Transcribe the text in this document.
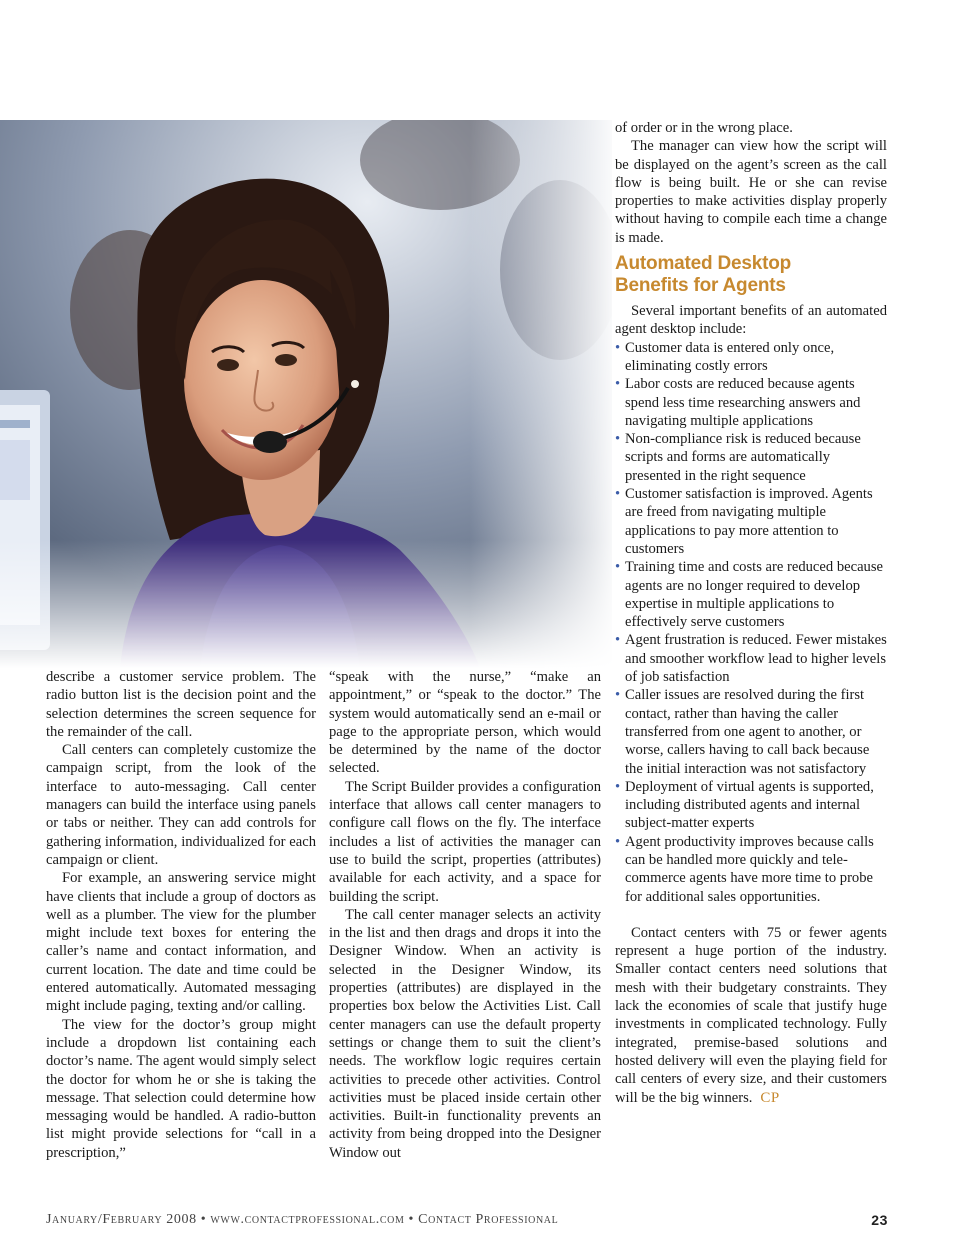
describe a customer service problem. The radio button list is the decision point and the selection determines the screen sequence for the remainder of the call.

Call centers can completely customize the campaign script, from the look of the interface to auto-messaging. Call center managers can build the interface using panels or tabs or neither. They can add controls for gathering information, individualized for each campaign or client.

For example, an answering service might have clients that include a group of doctors as well as a plumber. The view for the plumber might include text boxes for entering the caller’s name and contact information, and current location. The date and time could be entered automatically. Automated messaging might include paging, texting and/or calling.

The view for the doctor’s group might include a dropdown list containing each doctor’s name. The agent would simply select the doctor for whom he or she is taking the message. That selection could determine how messaging would be handled. A radio-button list might provide selections for “call in a prescription,”

“speak with the nurse,” “make an appointment,” or “speak to the doctor.” The system would automatically send an e-mail or page to the appropriate person, which would be determined by the name of the doctor selected.

The Script Builder provides a configuration interface that allows call center managers to configure call flows on the fly. The interface includes a list of activities the manager can use to build the script, properties (attributes) available for each activity, and a space for building the script.

The call center manager selects an activity in the list and then drags and drops it into the Designer Window. When an activity is selected in the Designer Window, its properties (attributes) are displayed in the properties box below the Activities List. Call center managers can use the default property settings or change them to suit the client’s needs. The workflow logic requires certain activities to precede other activities. Control activities must be placed inside certain other activities. Built-in functionality prevents an activity from being dropped into the Designer Window out

of order or in the wrong place.

The manager can view how the script will be displayed on the agent’s screen as the call flow is being built. He or she can revise properties to make activities display properly without having to compile each time a change is made.

Automated Desktop
Benefits for Agents

Several important benefits of an automated agent desktop include:

• Customer data is entered only once, eliminating costly errors
• Labor costs are reduced because agents spend less time researching answers and navigating multiple applications
• Non-compliance risk is reduced because scripts and forms are automatically presented in the right sequence
• Customer satisfaction is improved. Agents are freed from navigating multiple applications to pay more attention to customers
• Training time and costs are reduced because agents are no longer required to develop expertise in multiple applications to effectively serve customers
• Agent frustration is reduced. Fewer mistakes and smoother workflow lead to higher levels of job satisfaction
• Caller issues are resolved during the first contact, rather than having the caller transferred from one agent to another, or worse, callers having to call back because the initial interaction was not satisfactory
• Deployment of virtual agents is supported, including distributed agents and internal subject-matter experts
• Agent productivity improves because calls can be handled more quickly and tele-commerce agents have more time to probe for additional sales opportunities.

Contact centers with 75 or fewer agents represent a huge portion of the industry. Smaller contact centers need solutions that mesh with their budgetary constraints. They lack the economies of scale that justify huge investments in complicated technology. Fully integrated, premise-based solutions and hosted delivery will even the playing field for call centers of every size, and their customers will be the big winners. CP

January/February 2008 • www.contactprofessional.com • Contact Professional	23
